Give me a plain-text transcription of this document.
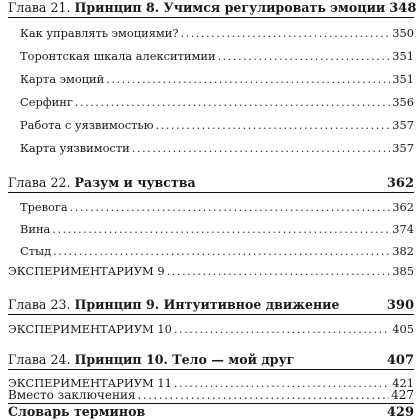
Глава 21. Принцип 8. Учимся регулировать эмоции 348
Как управлять эмоциями? .....	350
Торонтская шкала алекситимии .....	351
Карта эмоций .....	351
Серфинг .....	356
Работа с уязвимостью .....	357
Карта уязвимости .....	357
Глава 22. Разум и чувства	362
Тревога .....	362
Вина .....	374
Стыд .....	382
ЭКСПЕРИМЕНТАРИУМ 9 .....	385
Глава 23. Принцип 9. Интуитивное движение	390
ЭКСПЕРИМЕНТАРИУМ 10 .....	405
Глава 24. Принцип 10. Тело — мой друг	407
ЭКСПЕРИМЕНТАРИУМ 11 .....	421
Вместо заключения .....	427
Словарь терминов	429
